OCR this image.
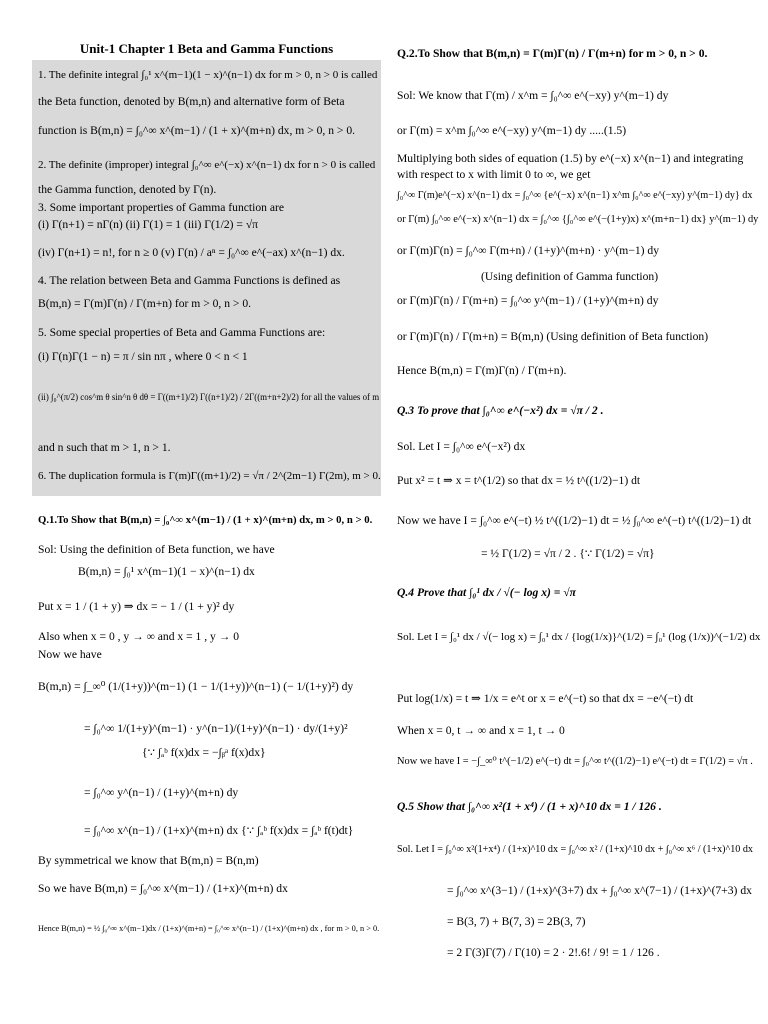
Unit-1 Chapter 1 Beta and Gamma Functions
1. The definite integral ∫₀¹ x^(m−1)(1 − x)^(n−1) dx for m > 0, n > 0 is called
the Beta function, denoted by B(m,n) and alternative form of Beta
function is B(m,n) = ∫₀^∞ x^(m−1) / (1 + x)^(m+n) dx, m > 0, n > 0.
2. The definite (improper) integral ∫₀^∞ e^(−x) x^(n−1) dx for n > 0 is called
the Gamma function, denoted by Γ(n).
3. Some important properties of Gamma function are
(i) Γ(n+1) = nΓ(n) (ii) Γ(1) = 1 (iii) Γ(1/2) = √π
(iv) Γ(n+1) = n!, for n ≥ 0 (v) Γ(n) / aⁿ = ∫₀^∞ e^(−ax) x^(n−1) dx.
4. The relation between Beta and Gamma Functions is defined as
B(m,n) = Γ(m)Γ(n) / Γ(m+n) for m > 0, n > 0.
5. Some special properties of Beta and Gamma Functions are:
(i) Γ(n)Γ(1 − n) = π / sin nπ , where 0 < n < 1
(ii) ∫₀^(π/2) cos^m θ sin^n θ dθ = Γ((m+1)/2) Γ((n+1)/2) / 2Γ((m+n+2)/2) for all the values of m
and n such that m > 1, n > 1.
6. The duplication formula is Γ(m)Γ((m+1)/2) = √π / 2^(2m−1) Γ(2m), m > 0.
Q.1.To Show that B(m,n) = ∫₀^∞ x^(m−1) / (1 + x)^(m+n) dx, m > 0, n > 0.
Sol: Using the definition of Beta function, we have
B(m,n) = ∫₀¹ x^(m−1)(1 − x)^(n−1) dx
Put x = 1 / (1 + y) ⇒ dx = − 1 / (1 + y)² dy
Also when x = 0 , y → ∞ and x = 1 , y → 0
Now we have
B(m,n) = ∫_∞⁰ (1/(1+y))^(m−1) (1 − 1/(1+y))^(n−1) (− 1/(1+y)²) dy
= ∫₀^∞ 1/(1+y)^(m−1) · y^(n−1)/(1+y)^(n−1) · dy/(1+y)²
{∵ ∫ₐᵇ f(x)dx = −∫ᵦᵃ f(x)dx}
= ∫₀^∞ y^(n−1) / (1+y)^(m+n) dy
= ∫₀^∞ x^(n−1) / (1+x)^(m+n) dx {∵ ∫ₐᵇ f(x)dx = ∫ₐᵇ f(t)dt}
By symmetrical we know that B(m,n) = B(n,m)
So we have B(m,n) = ∫₀^∞ x^(m−1) / (1+x)^(m+n) dx
Hence B(m,n) = ½ ∫₀^∞ x^(m−1)dx / (1+x)^(m+n) = ∫₀^∞ x^(n−1) / (1+x)^(m+n) dx , for m > 0, n > 0.
Q.2.To Show that B(m,n) = Γ(m)Γ(n) / Γ(m+n) for m > 0, n > 0.
Sol: We know that Γ(m) / x^m = ∫₀^∞ e^(−xy) y^(m−1) dy
or Γ(m) = x^m ∫₀^∞ e^(−xy) y^(m−1) dy .....(1.5)
Multiplying both sides of equation (1.5) by e^(−x) x^(n−1) and integrating
with respect to x with limit 0 to ∞, we get
∫₀^∞ Γ(m)e^(−x) x^(n−1) dx = ∫₀^∞ {e^(−x) x^(n−1) x^m ∫₀^∞ e^(−xy) y^(m−1) dy} dx
or Γ(m) ∫₀^∞ e^(−x) x^(n−1) dx = ∫₀^∞ {∫₀^∞ e^(−(1+y)x) x^(m+n−1) dx} y^(m−1) dy
or Γ(m)Γ(n) = ∫₀^∞ Γ(m+n) / (1+y)^(m+n) · y^(m−1) dy
(Using definition of Gamma function)
or Γ(m)Γ(n) / Γ(m+n) = ∫₀^∞ y^(m−1) / (1+y)^(m+n) dy
or Γ(m)Γ(n) / Γ(m+n) = B(m,n) (Using definition of Beta function)
Hence B(m,n) = Γ(m)Γ(n) / Γ(m+n).
Q.3 To prove that ∫₀^∞ e^(−x²) dx = √π / 2 .
Sol. Let I = ∫₀^∞ e^(−x²) dx
Put x² = t ⇒ x = t^(1/2) so that dx = ½ t^((1/2)−1) dt
Now we have I = ∫₀^∞ e^(−t) ½ t^((1/2)−1) dt = ½ ∫₀^∞ e^(−t) t^((1/2)−1) dt
= ½ Γ(1/2) = √π / 2 . {∵ Γ(1/2) = √π}
Q.4 Prove that ∫₀¹ dx / √(− log x) = √π
Sol. Let I = ∫₀¹ dx / √(− log x) = ∫₀¹ dx / {log(1/x)}^(1/2) = ∫₀¹ (log (1/x))^(−1/2) dx
Put log(1/x) = t ⇒ 1/x = e^t or x = e^(−t) so that dx = −e^(−t) dt
When x = 0, t → ∞ and x = 1, t → 0
Now we have I = −∫_∞⁰ t^(−1/2) e^(−t) dt = ∫₀^∞ t^((1/2)−1) e^(−t) dt = Γ(1/2) = √π .
Q.5 Show that ∫₀^∞ x²(1 + x⁴) / (1 + x)^10 dx = 1 / 126 .
Sol. Let I = ∫₀^∞ x²(1+x⁴) / (1+x)^10 dx = ∫₀^∞ x² / (1+x)^10 dx + ∫₀^∞ x⁶ / (1+x)^10 dx
= ∫₀^∞ x^(3−1) / (1+x)^(3+7) dx + ∫₀^∞ x^(7−1) / (1+x)^(7+3) dx
= B(3, 7) + B(7, 3) = 2B(3, 7)
= 2 Γ(3)Γ(7) / Γ(10) = 2 · 2!.6! / 9! = 1 / 126 .
